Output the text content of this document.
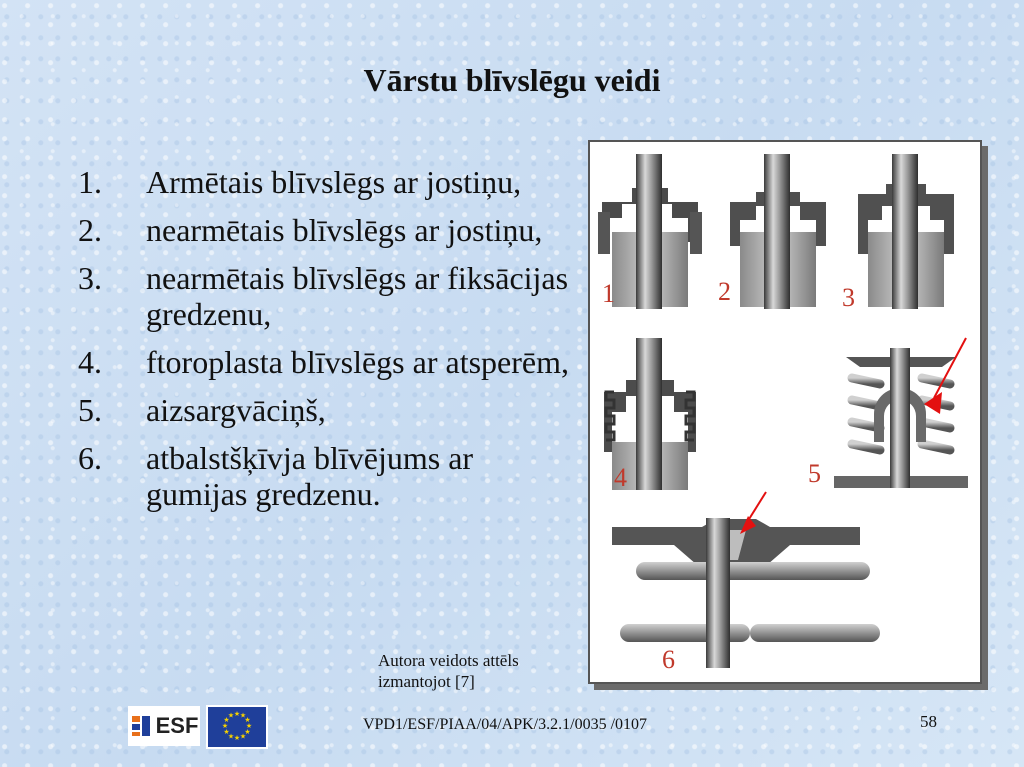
Vārstu blīvslēgu veidi
1. Armētais blīvslēgs ar jostiņu,
2. nearmētais blīvslēgs ar jostiņu,
3. nearmētais blīvslēgs ar fiksācijas gredzenu,
4. ftoroplasta blīvslēgs ar atsperēm,
5. aizsargvāciņš,
6. atbalstšķīvja blīvējums ar gumijas gredzenu.
1	2	3
4	5
6
Autora veidots attēls izmantojot [7]
ESF	★ ★
★
★
★
★
★
★
★
★
★
★
VPD1/ESF/PIAA/04/APK/3.2.1/0035 /0107	58
